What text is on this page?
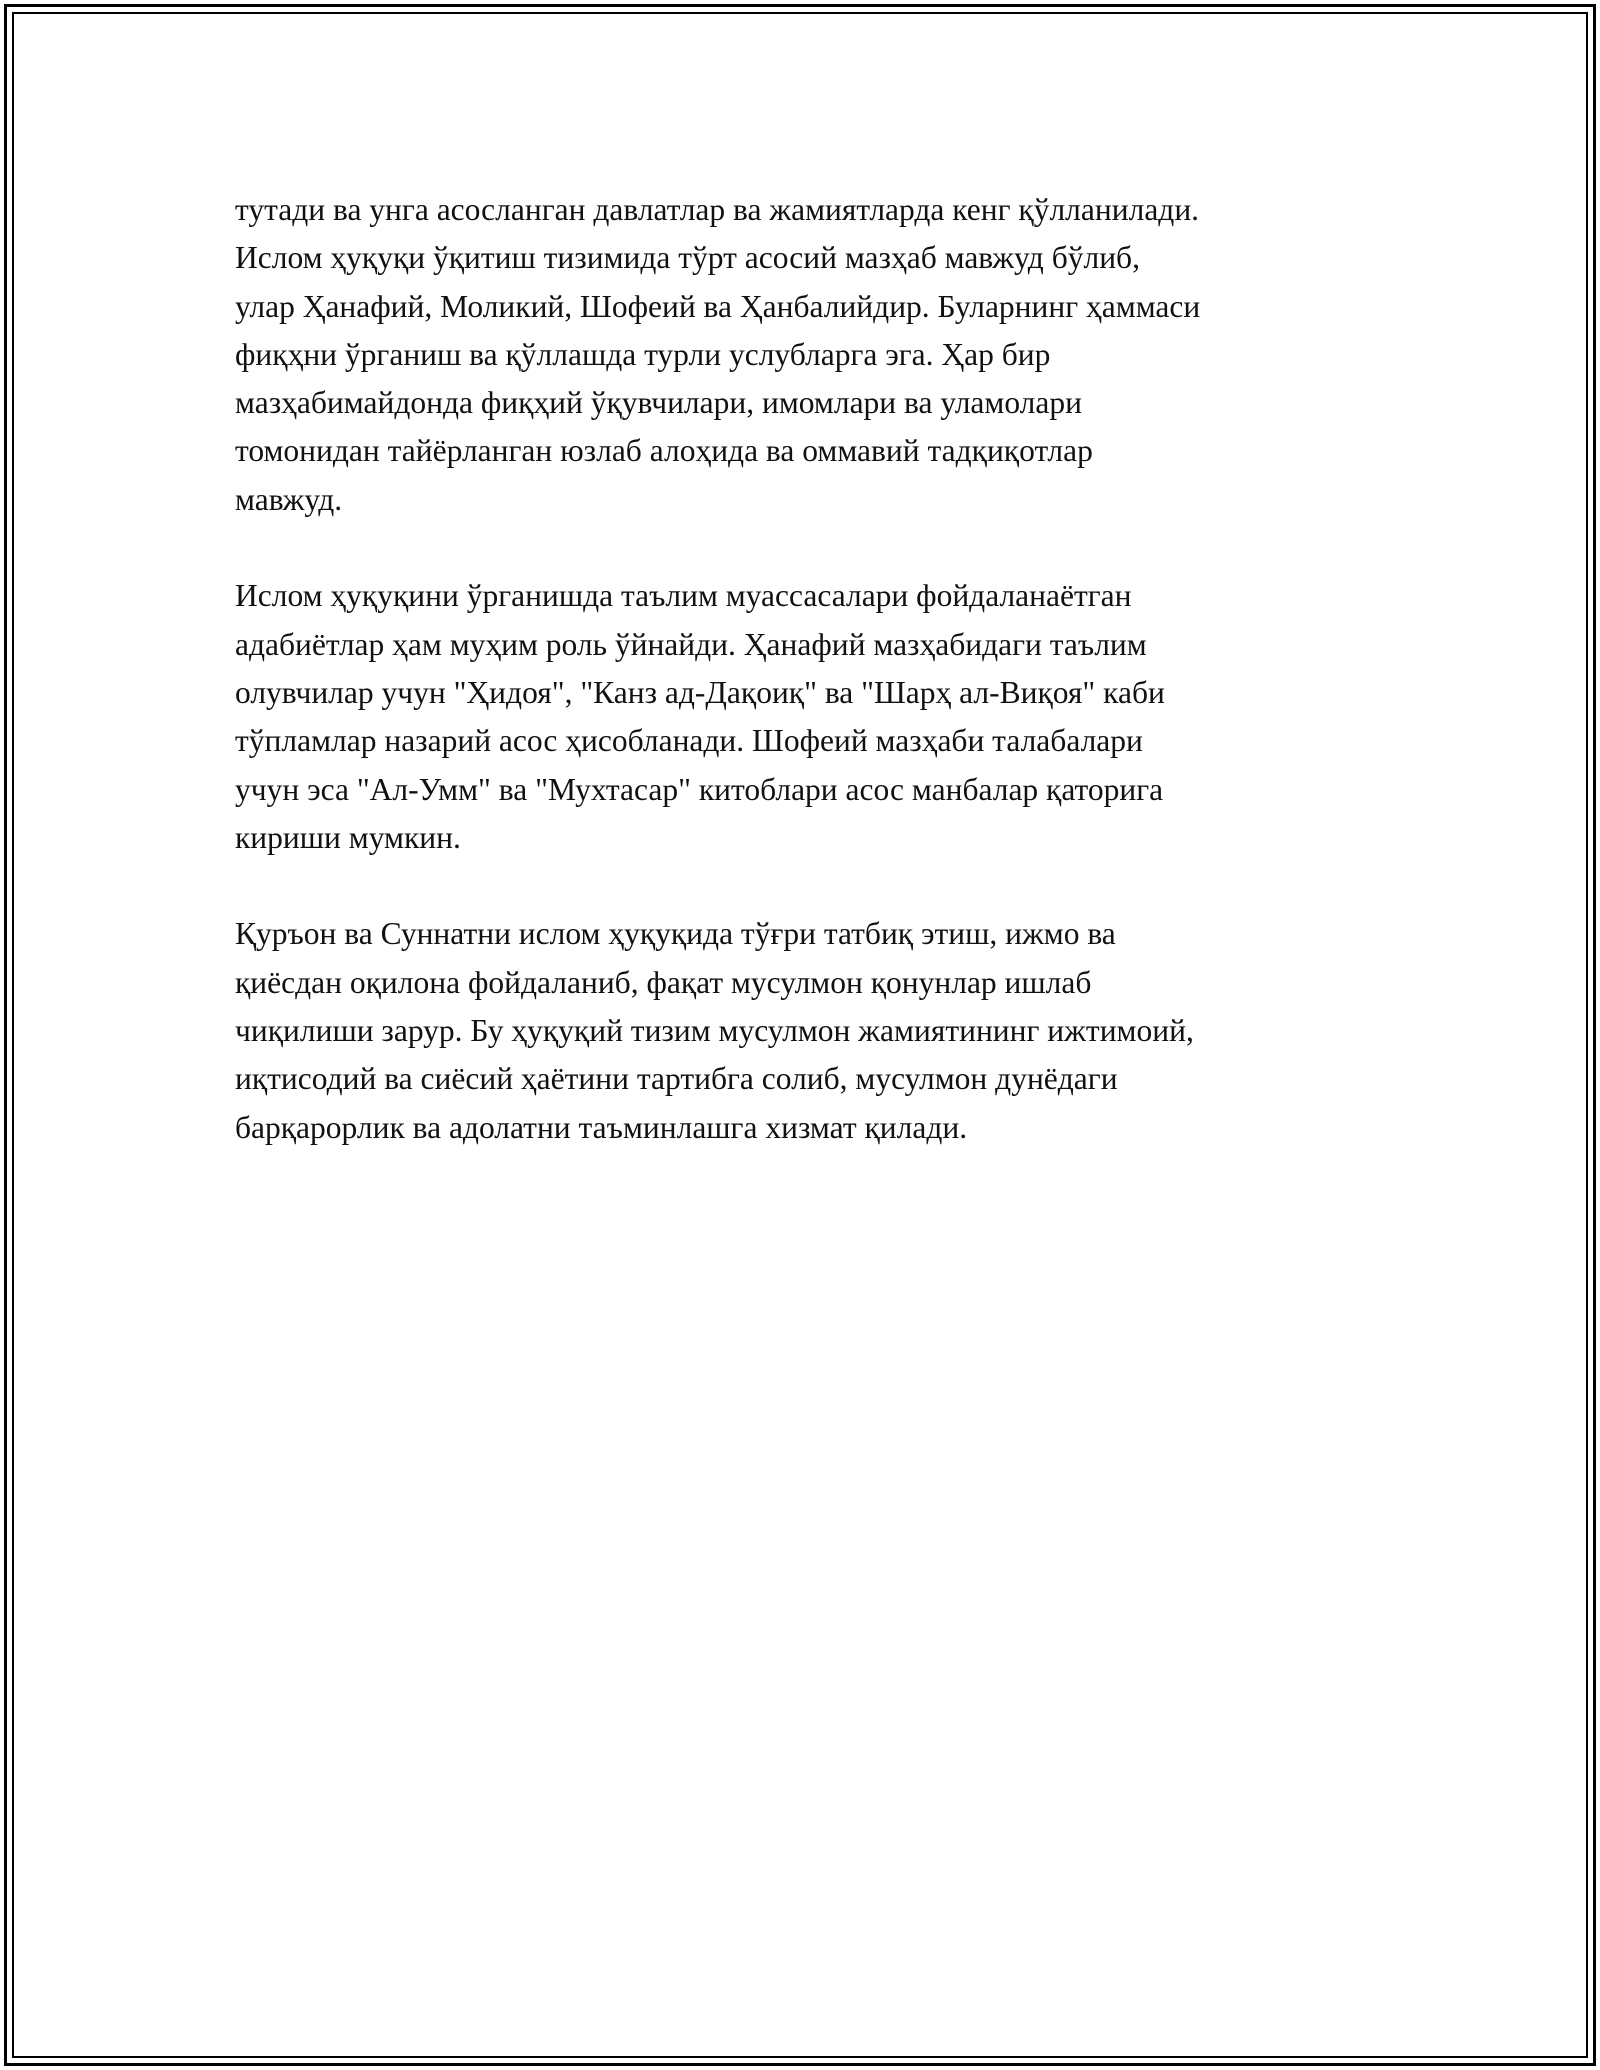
тутади ва унга асосланган давлатлар ва жамиятларда кенг қўлланилади.
Ислом ҳуқуқи ўқитиш тизимида тўрт асосий мазҳаб мавжуд бўлиб,
улар Ҳанафий, Моликий, Шофеий ва Ҳанбалийдир. Буларнинг ҳаммаси
фиқҳни ўрганиш ва қўллашда турли услубларга эга. Ҳар бир
мазҳабимайдонда фиқҳий ўқувчилари, имомлари ва уламолари
томонидан тайёрланган юзлаб алоҳида ва оммавий тадқиқотлар
мавжуд.

Ислом ҳуқуқини ўрганишда таълим муассасалари фойдаланаётган
адабиётлар ҳам муҳим роль ўйнайди. Ҳанафий мазҳабидаги таълим
олувчилар учун "Ҳидоя", "Канз ад-Дақоиқ" ва "Шарҳ ал-Виқоя" каби
тўпламлар назарий асос ҳисобланади. Шофеий мазҳаби талабалари
учун эса "Ал-Умм" ва "Мухтасар" китоблари асос манбалар қаторига
кириши мумкин.

Қуръон ва Суннатни ислом ҳуқуқида тўғри татбиқ этиш, ижмо ва
қиёсдан оқилона фойдаланиб, фақат мусулмон қонунлар ишлаб
чиқилиши зарур. Бу ҳуқуқий тизим мусулмон жамиятининг ижтимоий,
иқтисодий ва сиёсий ҳаётини тартибга солиб, мусулмон дунёдаги
барқарорлик ва адолатни таъминлашга хизмат қилади.
